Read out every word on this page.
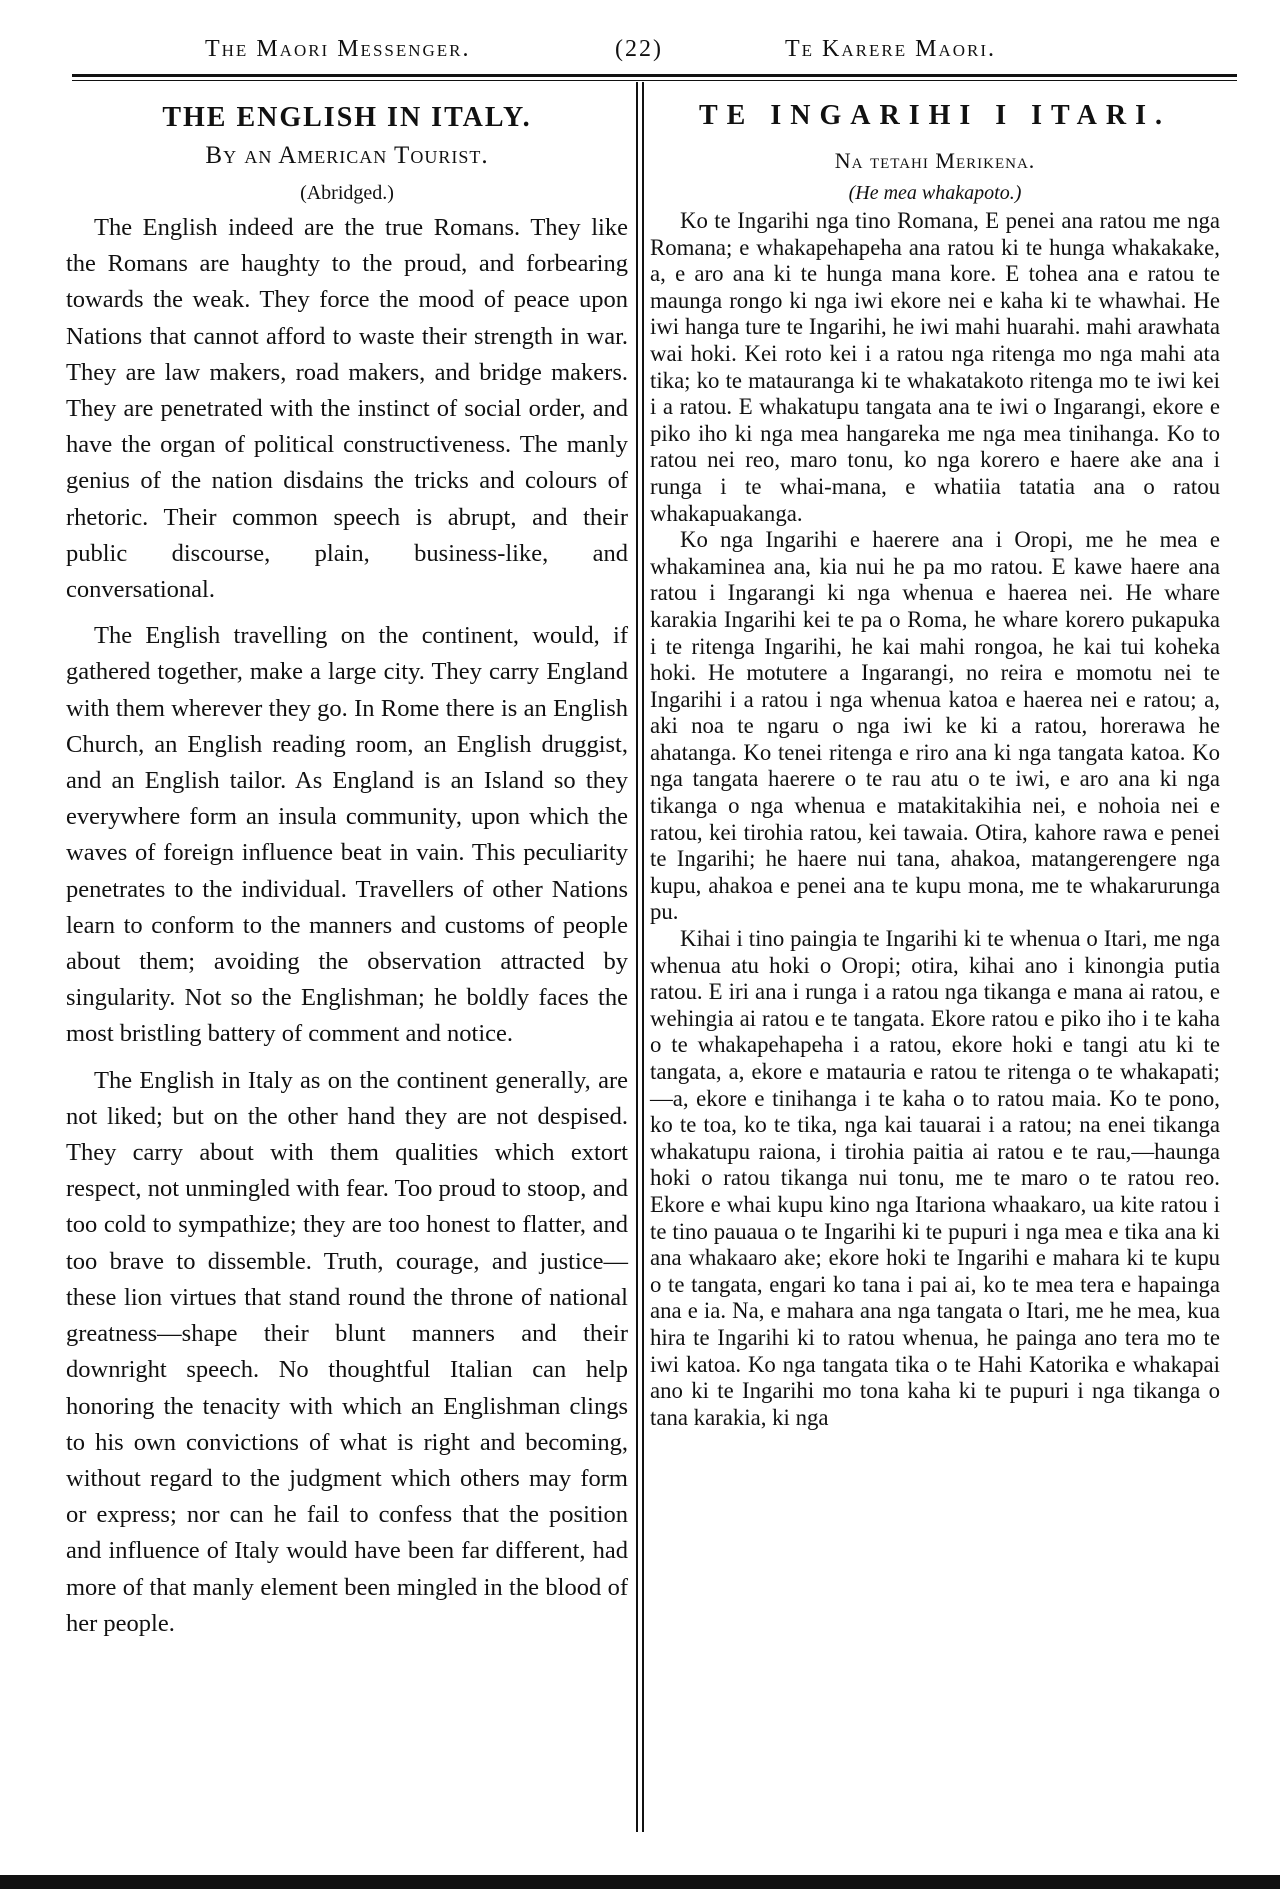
The Maori Messenger.	(22)	Te Karere Maori.
THE ENGLISH IN ITALY.
By an American Tourist.
(Abridged.)

The English indeed are the true Romans. They like the Romans are haughty to the proud, and forbearing towards the weak. They force the mood of peace upon Nations that cannot afford to waste their strength in war. They are law makers, road makers, and bridge makers. They are penetrated with the instinct of social order, and have the organ of political constructiveness. The manly genius of the nation disdains the tricks and colours of rhetoric. Their common speech is abrupt, and their public discourse, plain, business-like, and conversational.

The English travelling on the continent, would, if gathered together, make a large city. They carry England with them wherever they go. In Rome there is an English Church, an English reading room, an English druggist, and an English tailor. As England is an Island so they everywhere form an insula community, upon which the waves of foreign influence beat in vain. This peculiarity penetrates to the individual. Travellers of other Nations learn to conform to the manners and customs of people about them; avoiding the observation attracted by singularity. Not so the Englishman; he boldly faces the most bristling battery of comment and notice.

The English in Italy as on the continent generally, are not liked; but on the other hand they are not despised. They carry about with them qualities which extort respect, not unmingled with fear. Too proud to stoop, and too cold to sympathize; they are too honest to flatter, and too brave to dissemble. Truth, courage, and justice—these lion virtues that stand round the throne of national greatness—shape their blunt manners and their downright speech. No thoughtful Italian can help honoring the tenacity with which an Englishman clings to his own convictions of what is right and becoming, without regard to the judgment which others may form or express; nor can he fail to confess that the position and influence of Italy would have been far different, had more of that manly element been mingled in the blood of her people.

TE INGARIHI I ITARI.
Na tetahi Merikena.
(He mea whakapoto.)

Ko te Ingarihi nga tino Romana, E penei ana ratou me nga Romana; e whakapehapeha ana ratou ki te hunga whakakake, a, e aro ana ki te hunga mana kore. E tohea ana e ratou te maunga rongo ki nga iwi ekore nei e kaha ki te whawhai. He iwi hanga ture te Ingarihi, he iwi mahi huarahi. mahi arawhata wai hoki. Kei roto kei i a ratou nga ritenga mo nga mahi ata tika; ko te matauranga ki te whakatakoto ritenga mo te iwi kei i a ratou. E whakatupu tangata ana te iwi o Ingarangi, ekore e piko iho ki nga mea hangareka me nga mea tinihanga. Ko to ratou nei reo, maro tonu, ko nga korero e haere ake ana i runga i te whai-mana, e whatiia tatatia ana o ratou whakapuakanga.

Ko nga Ingarihi e haerere ana i Oropi, me he mea e whakaminea ana, kia nui he pa mo ratou. E kawe haere ana ratou i Ingarangi ki nga whenua e haerea nei. He whare karakia Ingarihi kei te pa o Roma, he whare korero pukapuka i te ritenga Ingarihi, he kai mahi rongoa, he kai tui koheka hoki. He motutere a Ingarangi, no reira e momotu nei te Ingarihi i a ratou i nga whenua katoa e haerea nei e ratou; a, aki noa te ngaru o nga iwi ke ki a ratou, horerawa he ahatanga. Ko tenei ritenga e riro ana ki nga tangata katoa. Ko nga tangata haerere o te rau atu o te iwi, e aro ana ki nga tikanga o nga whenua e matakitakihia nei, e nohoia nei e ratou, kei tirohia ratou, kei tawaia. Otira, kahore rawa e penei te Ingarihi; he haere nui tana, ahakoa, matangerengere nga kupu, ahakoa e penei ana te kupu mona, me te whakarurunga pu.

Kihai i tino paingia te Ingarihi ki te whenua o Itari, me nga whenua atu hoki o Oropi; otira, kihai ano i kinongia putia ratou. E iri ana i runga i a ratou nga tikanga e mana ai ratou, e wehingia ai ratou e te tangata. Ekore ratou e piko iho i te kaha o te whakapehapeha i a ratou, ekore hoki e tangi atu ki te tangata, a, ekore e matauria e ratou te ritenga o te whakapati;—a, ekore e tinihanga i te kaha o to ratou maia. Ko te pono, ko te toa, ko te tika, nga kai tauarai i a ratou; na enei tikanga whakatupu raiona, i tirohia paitia ai ratou e te rau,—haunga hoki o ratou tikanga nui tonu, me te maro o te ratou reo. Ekore e whai kupu kino nga Itariona whaakaro, ua kite ratou i te tino pauaua o te Ingarihi ki te pupuri i nga mea e tika ana ki ana whakaaro ake; ekore hoki te Ingarihi e mahara ki te kupu o te tangata, engari ko tana i pai ai, ko te mea tera e hapainga ana e ia. Na, e mahara ana nga tangata o Itari, me he mea, kua hira te Ingarihi ki to ratou whenua, he painga ano tera mo te iwi katoa. Ko nga tangata tika o te Hahi Katorika e whakapai ano ki te Ingarihi mo tona kaha ki te pupuri i nga tikanga o tana karakia, ki nga
